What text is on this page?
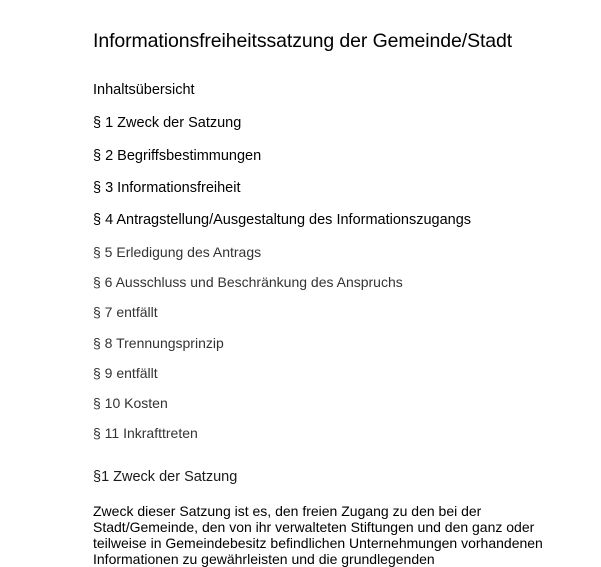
Informationsfreiheitssatzung der Gemeinde/Stadt
Inhaltsübersicht
§ 1 Zweck der Satzung
§ 2 Begriffsbestimmungen
§ 3 Informationsfreiheit
§ 4 Antragstellung/Ausgestaltung des Informationszugangs
§ 5 Erledigung des Antrags
§ 6 Ausschluss und Beschränkung des Anspruchs
§ 7 entfällt
§ 8 Trennungsprinzip
§ 9 entfällt
§ 10 Kosten
§ 11 Inkrafttreten
§1 Zweck der Satzung

Zweck dieser Satzung ist es, den freien Zugang zu den bei der Stadt/Gemeinde, den von ihr verwalteten Stiftungen und den ganz oder teilweise in Gemeindebesitz befindlichen Unternehmungen vorhandenen Informationen zu gewährleisten und die grundlegenden
